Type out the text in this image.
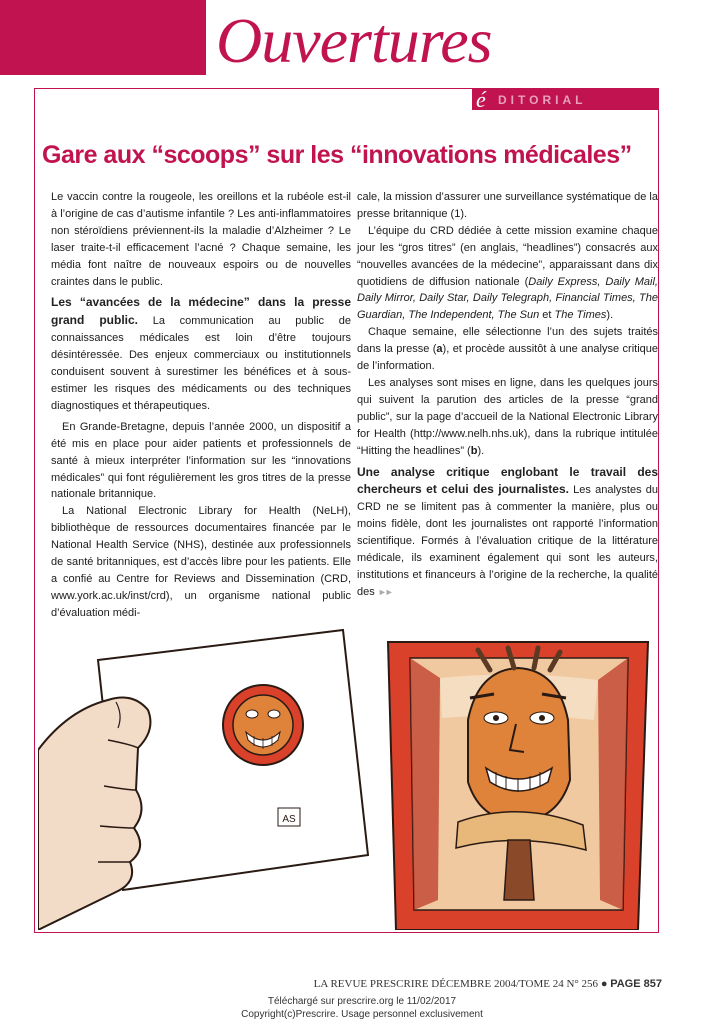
Ouvertures
é DITORIAL
Gare aux “scoops” sur les “innovations médicales”

Le vaccin contre la rougeole, les oreillons et la rubéole est-il à l’origine de cas d’autisme infantile ? Les anti-inflammatoires non stéroïdiens préviennent-ils la maladie d’Alzheimer ? Le laser traite-t-il efficacement l’acné ? Chaque semaine, les média font naître de nouveaux espoirs ou de nouvelles craintes dans le public.

Les “avancées de la médecine” dans la presse grand public. La communication au public de connaissances médicales est loin d’être toujours désintéressée. Des enjeux commerciaux ou institutionnels conduisent souvent à surestimer les bénéfices et à sous-estimer les risques des médicaments ou des techniques diagnostiques et thérapeutiques.

En Grande-Bretagne, depuis l’année 2000, un dispositif a été mis en place pour aider patients et professionnels de santé à mieux interpréter l’information sur les “innovations médicales” qui font régulièrement les gros titres de la presse nationale britannique.

La National Electronic Library for Health (NeLH), bibliothèque de ressources documentaires financée par le National Health Service (NHS), destinée aux professionnels de santé britanniques, est d’accès libre pour les patients. Elle a confié au Centre for Reviews and Dissemination (CRD, www.york.ac.uk/inst/crd), un organisme national public d’évaluation médi-

cale, la mission d’assurer une surveillance systématique de la presse britannique (1).

L’équipe du CRD dédiée à cette mission examine chaque jour les “gros titres” (en anglais, “headlines”) consacrés aux “nouvelles avancées de la médecine”, apparaissant dans dix quotidiens de diffusion nationale (Daily Express, Daily Mail, Daily Mirror, Daily Star, Daily Telegraph, Financial Times, The Guardian, The Independent, The Sun et The Times).

Chaque semaine, elle sélectionne l’un des sujets traités dans la presse (a), et procède aussitôt à une analyse critique de l’information.

Les analyses sont mises en ligne, dans les quelques jours qui suivent la parution des articles de la presse “grand public”, sur la page d’accueil de la National Electronic Library for Health (http://www.nelh.nhs.uk), dans la rubrique intitulée “Hitting the headlines” (b).

Une analyse critique englobant le travail des chercheurs et celui des journalistes. Les analystes du CRD ne se limitent pas à commenter la manière, plus ou moins fidèle, dont les journalistes ont rapporté l’information scientifique. Formés à l’évaluation critique de la littérature médicale, ils examinent également qui sont les auteurs, institutions et financeurs à l’origine de la recherche, la qualité des ►►

AS
LA REVUE PRESCRIRE DÉCEMBRE 2004/TOME 24 N° 256 ● PAGE 857
Téléchargé sur prescrire.org le 11/02/2017
Copyright(c)Prescrire. Usage personnel exclusivement
